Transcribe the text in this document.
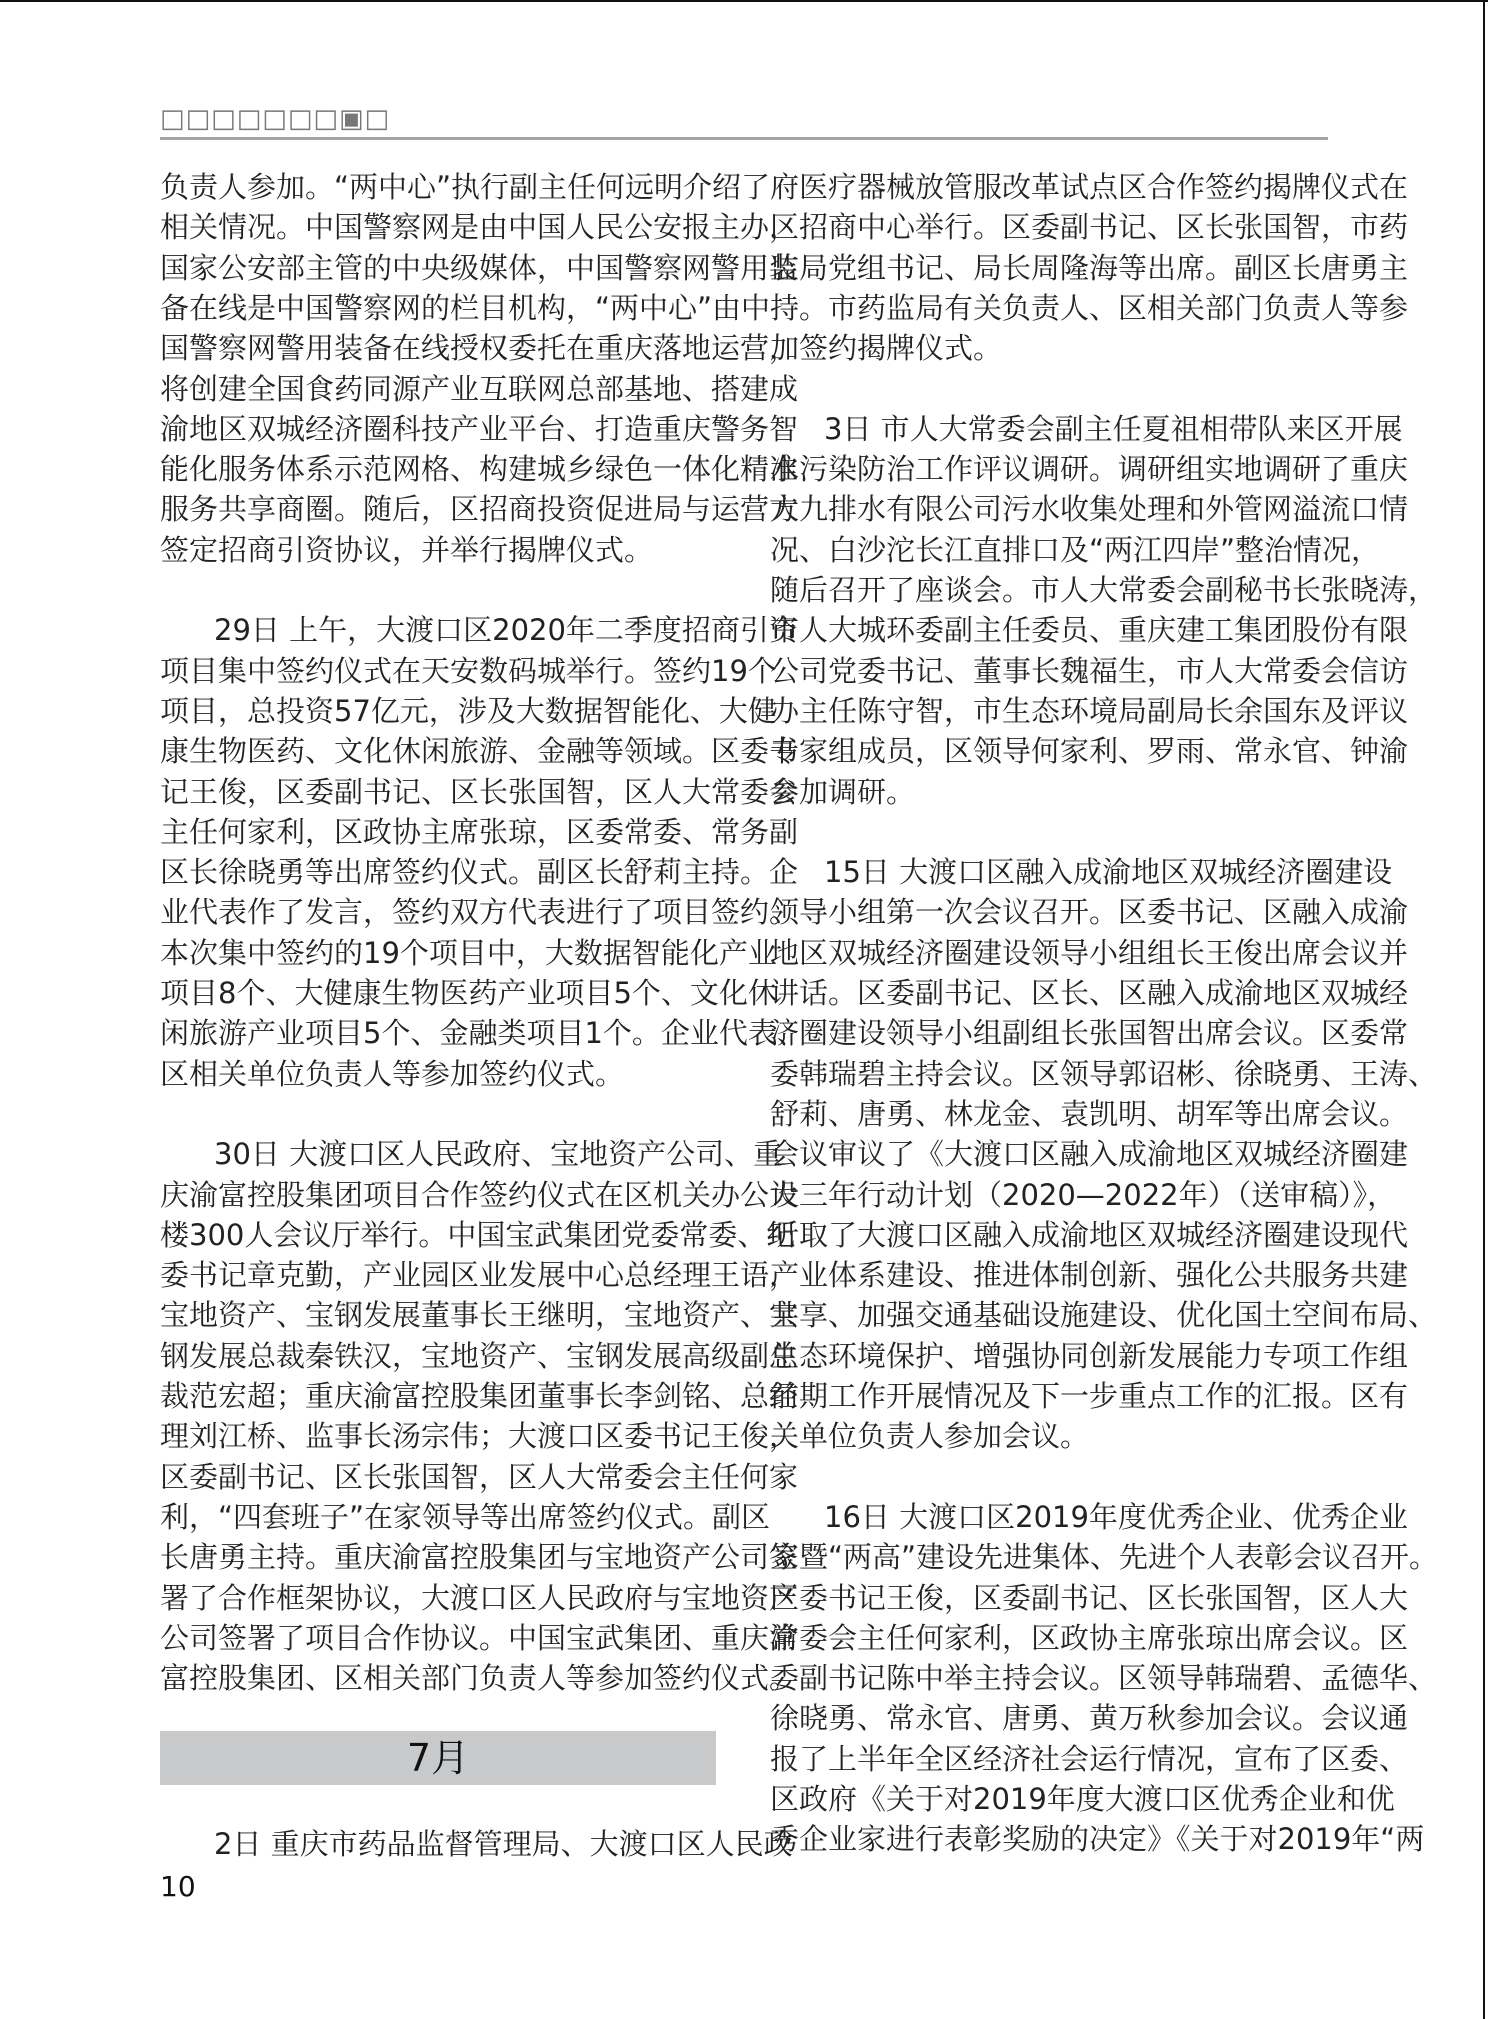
□□□□□□□▣□
负责人参加。“两中心”执行副主任何远明介绍了
相关情况。中国警察网是由中国人民公安报主办，
国家公安部主管的中央级媒体，中国警察网警用装
备在线是中国警察网的栏目机构，“两中心”由中
国警察网警用装备在线授权委托在重庆落地运营，
将创建全国食药同源产业互联网总部基地、搭建成
渝地区双城经济圈科技产业平台、打造重庆警务智
能化服务体系示范网格、构建城乡绿色一体化精准
服务共享商圈。随后，区招商投资促进局与运营方
签定招商引资协议，并举行揭牌仪式。
29日 上午，大渡口区2020年二季度招商引资
项目集中签约仪式在天安数码城举行。签约19个
项目，总投资57亿元，涉及大数据智能化、大健
康生物医药、文化休闲旅游、金融等领域。区委书
记王俊，区委副书记、区长张国智，区人大常委会
主任何家利，区政协主席张琼，区委常委、常务副
区长徐晓勇等出席签约仪式。副区长舒莉主持。企
业代表作了发言，签约双方代表进行了项目签约。
本次集中签约的19个项目中，大数据智能化产业
项目8个、大健康生物医药产业项目5个、文化休
闲旅游产业项目5个、金融类项目1个。企业代表、
区相关单位负责人等参加签约仪式。
30日 大渡口区人民政府、宝地资产公司、重
庆渝富控股集团项目合作签约仪式在区机关办公大
楼300人会议厅举行。中国宝武集团党委常委、纪
委书记章克勤，产业园区业发展中心总经理王语，
宝地资产、宝钢发展董事长王继明，宝地资产、宝
钢发展总裁秦铁汉，宝地资产、宝钢发展高级副总
裁范宏超；重庆渝富控股集团董事长李剑铭、总经
理刘江桥、监事长汤宗伟；大渡口区委书记王俊，
区委副书记、区长张国智，区人大常委会主任何家
利，“四套班子”在家领导等出席签约仪式。副区
长唐勇主持。重庆渝富控股集团与宝地资产公司签
署了合作框架协议，大渡口区人民政府与宝地资产
公司签署了项目合作协议。中国宝武集团、重庆渝
富控股集团、区相关部门负责人等参加签约仪式。
府医疗器械放管服改革试点区合作签约揭牌仪式在
区招商中心举行。区委副书记、区长张国智，市药
监局党组书记、局长周隆海等出席。副区长唐勇主
持。市药监局有关负责人、区相关部门负责人等参
加签约揭牌仪式。
3日 市人大常委会副主任夏祖相带队来区开展
水污染防治工作评议调研。调研组实地调研了重庆
大九排水有限公司污水收集处理和外管网溢流口情
况、白沙沱长江直排口及“两江四岸”整治情况，
随后召开了座谈会。市人大常委会副秘书长张晓涛，
市人大城环委副主任委员、重庆建工集团股份有限
公司党委书记、董事长魏福生，市人大常委会信访
办主任陈守智，市生态环境局副局长余国东及评议
专家组成员，区领导何家利、罗雨、常永官、钟渝
参加调研。
15日 大渡口区融入成渝地区双城经济圈建设
领导小组第一次会议召开。区委书记、区融入成渝
地区双城经济圈建设领导小组组长王俊出席会议并
讲话。区委副书记、区长、区融入成渝地区双城经
济圈建设领导小组副组长张国智出席会议。区委常
委韩瑞碧主持会议。区领导郭诏彬、徐晓勇、王涛、
舒莉、唐勇、林龙金、袁凯明、胡军等出席会议。
会议审议了《大渡口区融入成渝地区双城经济圈建
设三年行动计划（2020—2022年）（送审稿）》，
听取了大渡口区融入成渝地区双城经济圈建设现代
产业体系建设、推进体制创新、强化公共服务共建
共享、加强交通基础设施建设、优化国土空间布局、
生态环境保护、增强协同创新发展能力专项工作组
前期工作开展情况及下一步重点工作的汇报。区有
关单位负责人参加会议。
16日 大渡口区2019年度优秀企业、优秀企业
家暨“两高”建设先进集体、先进个人表彰会议召开。
区委书记王俊，区委副书记、区长张国智，区人大
常委会主任何家利，区政协主席张琼出席会议。区
委副书记陈中举主持会议。区领导韩瑞碧、孟德华、
徐晓勇、常永官、唐勇、黄万秋参加会议。会议通
报了上半年全区经济社会运行情况，宣布了区委、
区政府《关于对2019年度大渡口区优秀企业和优
秀企业家进行表彰奖励的决定》《关于对2019年“两
7月
2日 重庆市药品监督管理局、大渡口区人民政
10
